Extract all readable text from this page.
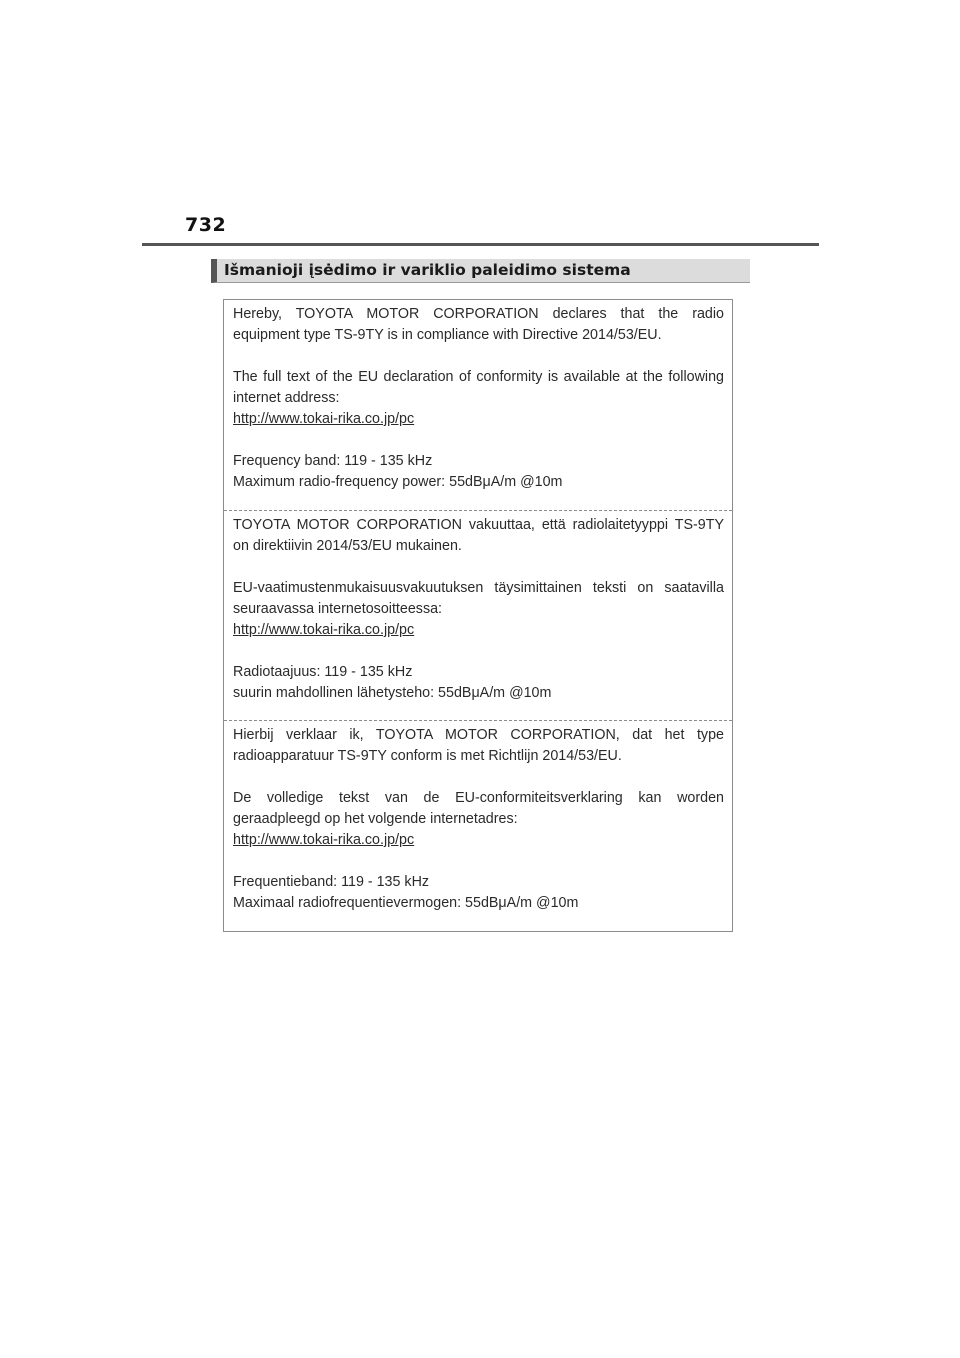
732
Išmanioji įsėdimo ir variklio paleidimo sistema

Hereby, TOYOTA MOTOR CORPORATION declares that the radio equipment type TS-9TY is in compliance with Directive 2014/53/EU.

The full text of the EU declaration of conformity is available at the following internet address:

http://www.tokai-rika.co.jp/pc

Frequency band: 119 - 135 kHz

Maximum radio-frequency power: 55dBμA/m @10m

TOYOTA MOTOR CORPORATION vakuuttaa, että radiolaitetyyppi TS-9TY on direktiivin 2014/53/EU mukainen.

EU-vaatimustenmukaisuusvakuutuksen täysimittainen teksti on saatavilla seuraavassa internetosoitteessa:

http://www.tokai-rika.co.jp/pc

Radiotaajuus: 119 - 135 kHz

suurin mahdollinen lähetysteho: 55dBμA/m @10m

Hierbij verklaar ik, TOYOTA MOTOR CORPORATION, dat het type radioapparatuur TS-9TY conform is met Richtlijn 2014/53/EU.

De volledige tekst van de EU-conformiteitsverklaring kan worden geraadpleegd op het volgende internetadres:

http://www.tokai-rika.co.jp/pc

Frequentieband: 119 - 135 kHz

Maximaal radiofrequentievermogen: 55dBμA/m @10m
